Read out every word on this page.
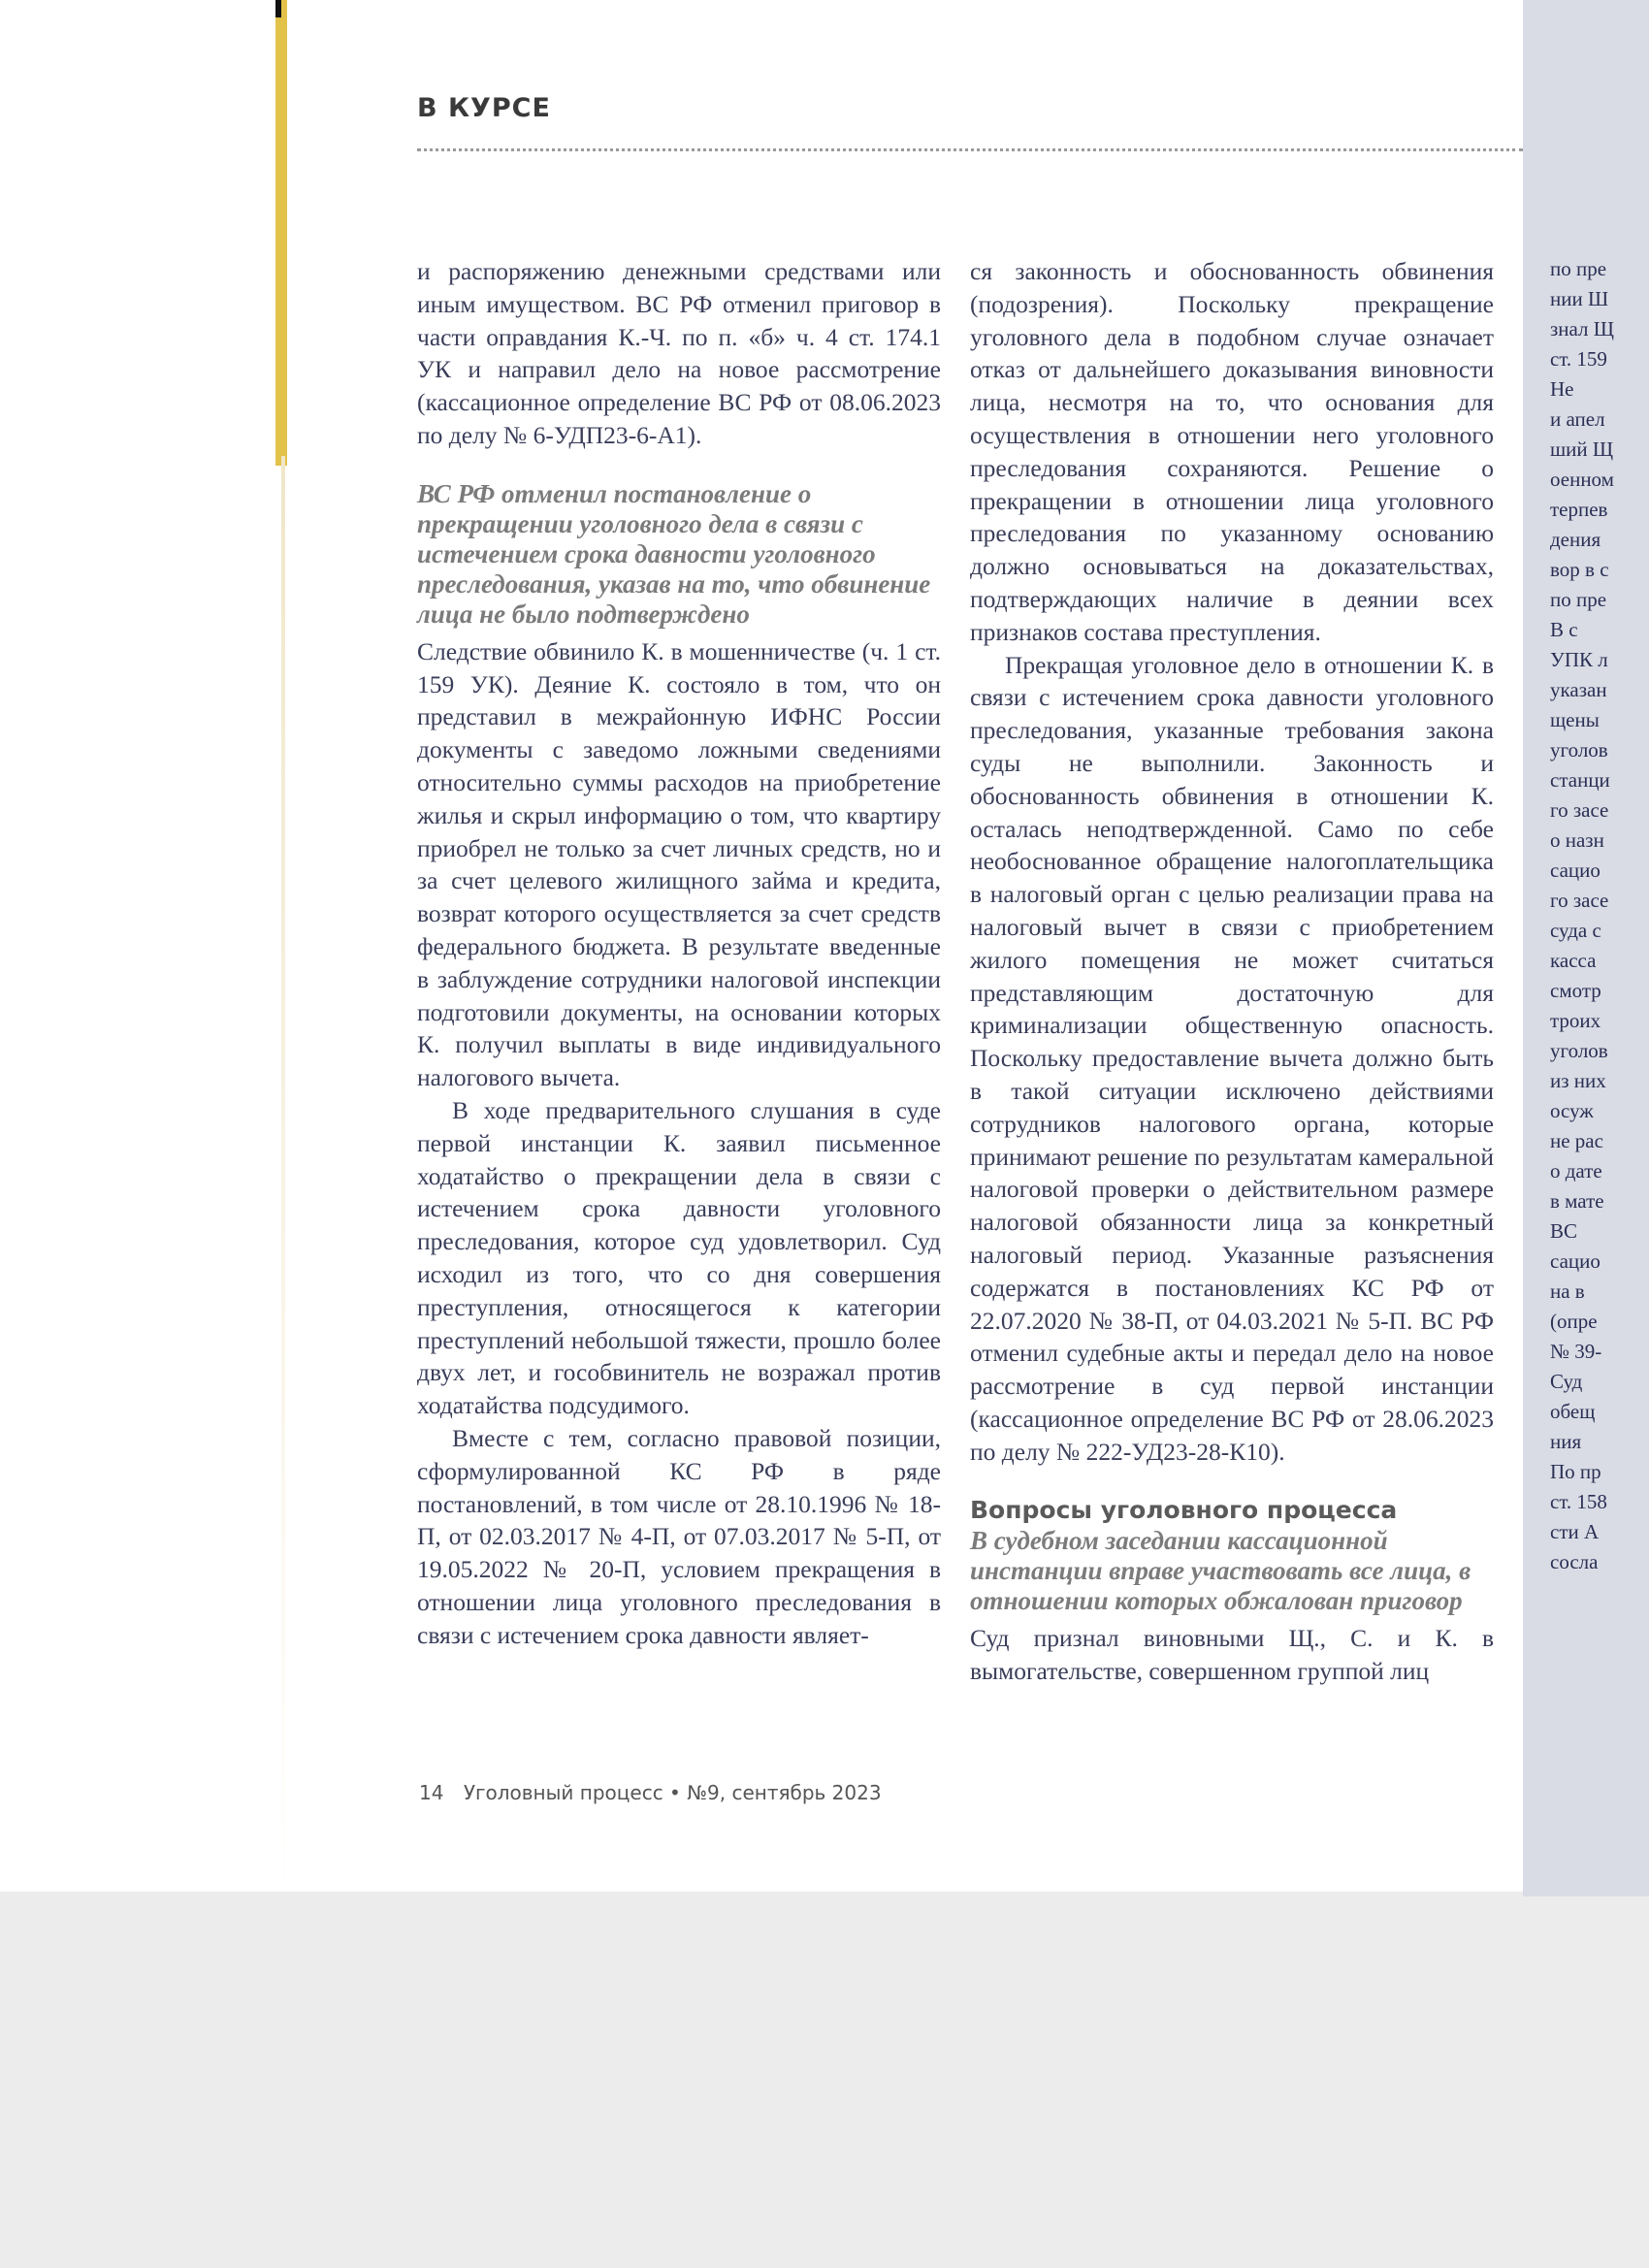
по пре
нии Ш
знал Щ
ст. 159
Не
и апел
ший Щ
оенном
терпев
дения
вор в с
по пре
В с
УПК л
указан
щены
уголов
станци
го засе
о назн
сацио
го засе
суда с
касса
смотр
троих
уголов
из них
осуж
не рас
о дате
в мате
ВС
сацио
на в
(опре
№ 39-
Суд
обещ
ния
По пр
ст. 158
сти А
сосла
В КУРСЕ

и распоряжению денежными средствами или иным имуществом. ВС РФ отменил приговор в части оправдания К.-Ч. по п. «б» ч. 4 ст. 174.1 УК и направил дело на новое рассмотрение (кассационное определение ВС РФ от 08.06.2023 по делу № 6-УДП23-6-А1).

ВС РФ отменил постановление о прекращении уголовного дела в связи с истечением срока давности уголовного преследования, указав на то, что обвинение лица не было подтверждено

Следствие обвинило К. в мошенничестве (ч. 1 ст. 159 УК). Деяние К. состояло в том, что он представил в межрайонную ИФНС России документы с заведомо ложными сведениями относительно суммы расходов на приобретение жилья и скрыл информацию о том, что квартиру приобрел не только за счет личных средств, но и за счет целевого жилищного займа и кредита, возврат которого осуществляется за счет средств федерального бюджета. В результате введенные в заблуждение сотрудники налоговой инспекции подготовили документы, на основании которых К. получил выплаты в виде индивидуального налогового вычета.

В ходе предварительного слушания в суде первой инстанции К. заявил письменное ходатайство о прекращении дела в связи с истечением срока давности уголовного преследования, которое суд удовлетворил. Суд исходил из того, что со дня совершения преступления, относящегося к категории преступлений небольшой тяжести, прошло более двух лет, и гособвинитель не возражал против ходатайства подсудимого.

Вместе с тем, согласно правовой позиции, сформулированной КС РФ в ряде постановлений, в том числе от 28.10.1996 № 18-П, от 02.03.2017 № 4-П, от 07.03.2017 № 5-П, от 19.05.2022 № 20-П, условием прекращения в отношении лица уголовного преследования в связи с истечением срока давности являет-

ся законность и обоснованность обвинения (подозрения). Поскольку прекращение уголовного дела в подобном случае означает отказ от дальнейшего доказывания виновности лица, несмотря на то, что основания для осуществления в отношении него уголовного преследования сохраняются. Решение о прекращении в отношении лица уголовного преследования по указанному основанию должно основываться на доказательствах, подтверждающих наличие в деянии всех признаков состава преступления.

Прекращая уголовное дело в отношении К. в связи с истечением срока давности уголовного преследования, указанные требования закона суды не выполнили. Законность и обоснованность обвинения в отношении К. осталась неподтвержденной. Само по себе необоснованное обращение налогоплательщика в налоговый орган с целью реализации права на налоговый вычет в связи с приобретением жилого помещения не может считаться представляющим достаточную для криминализации общественную опасность. Поскольку предоставление вычета должно быть в такой ситуации исключено действиями сотрудников налогового органа, которые принимают решение по результатам камеральной налоговой проверки о действительном размере налоговой обязанности лица за конкретный налоговый период. Указанные разъяснения содержатся в постановлениях КС РФ от 22.07.2020 № 38-П, от 04.03.2021 № 5-П. ВС РФ отменил судебные акты и передал дело на новое рассмотрение в суд первой инстанции (кассационное определение ВС РФ от 28.06.2023 по делу № 222-УД23-28-К10).

Вопросы уголовного процесса
В судебном заседании кассационной инстанции вправе участвовать все лица, в отношении которых обжалован приговор

Суд признал виновными Щ., С. и К. в вымогательстве, совершенном группой лиц

14 Уголовный процесс • №9, сентябрь 2023
